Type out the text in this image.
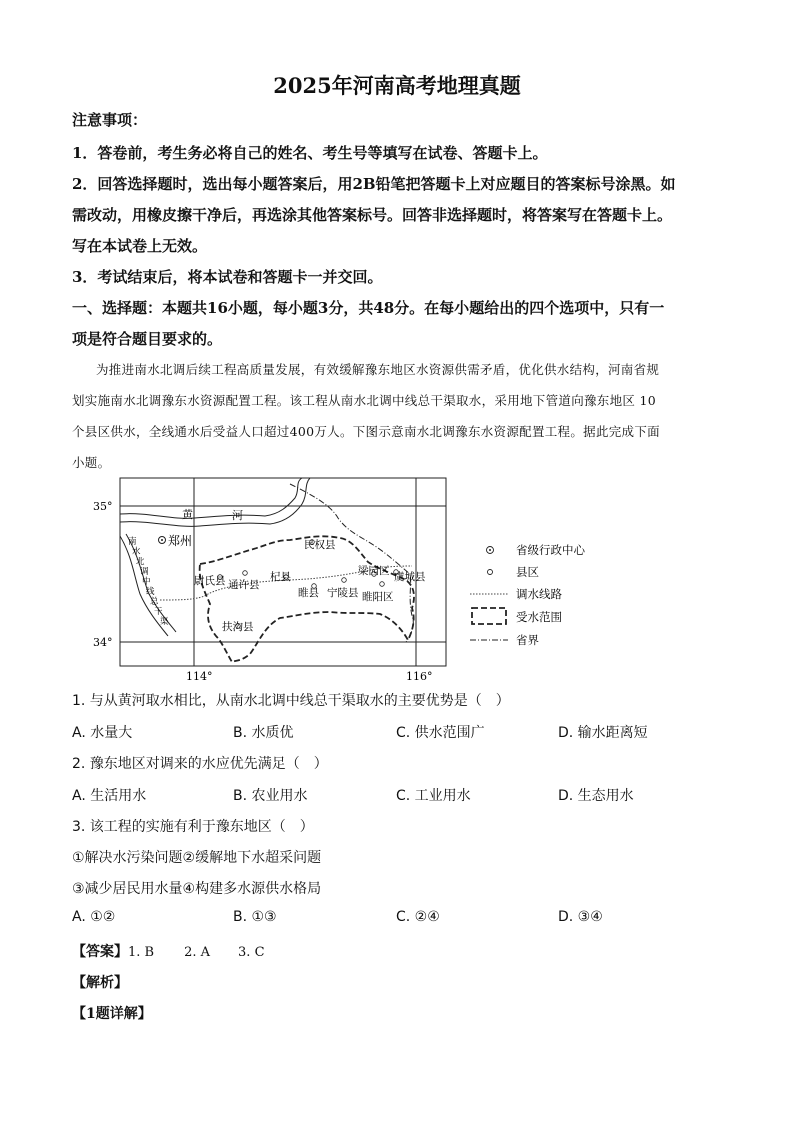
2025年河南高考地理真题
注意事项：
1．答卷前，考生务必将自己的姓名、考生号等填写在试卷、答题卡上。
2．回答选择题时，选出每小题答案后，用2B铅笔把答题卡上对应题目的答案标号涂黑。如
需改动，用橡皮擦干净后，再选涂其他答案标号。回答非选择题时，将答案写在答题卡上。
写在本试卷上无效。
3．考试结束后，将本试卷和答题卡一并交回。
一、选择题：本题共16小题，每小题3分，共48分。在每小题给出的四个选项中，只有一
项是符合题目要求的。
为推进南水北调后续工程高质量发展，有效缓解豫东地区水资源供需矛盾，优化供水结构，河南省规
划实施南水北调豫东水资源配置工程。该工程从南水北调中线总干渠取水，采用地下管道向豫东地区 10
个县区供水，全线通水后受益人口超过400万人。下图示意南水北调豫东水资源配置工程。据此完成下面
小题。
黄	河
南
水
北
调
中
线
总
干
渠
郑州
通许县
尉氏县	杞县
民权县
睢县 宁陵县
梁园区
睢阳区
虞城县
扶沟县
35°
34°
114°	116°
省级行政中心
县区
调水线路
受水范围
省界
1. 与从黄河取水相比，从南水北调中线总干渠取水的主要优势是（　）
A. 水量大	B. 水质优	C. 供水范围广	D. 输水距离短
2. 豫东地区对调来的水应优先满足（　）
A. 生活用水	B. 农业用水	C. 工业用水	D. 生态用水
3. 该工程的实施有利于豫东地区（　）
①解决水污染问题②缓解地下水超采问题
③减少居民用水量④构建多水源供水格局
A. ①②	B. ①③	C. ②④	D. ③④
【答案】1. B 2. A 3. C
【解析】
【1题详解】
